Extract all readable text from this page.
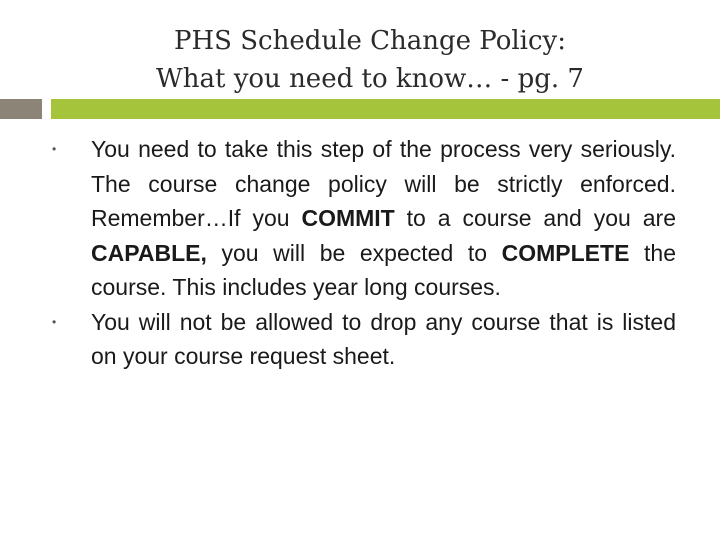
PHS Schedule Change Policy:
What you need to know… - pg. 7
• You need to take this step of the process very seriously. The course change policy will be strictly enforced. Remember…If you COMMIT to a course and you are CAPABLE, you will be expected to COMPLETE the course. This includes year long courses.
• You will not be allowed to drop any course that is listed on your course request sheet.
